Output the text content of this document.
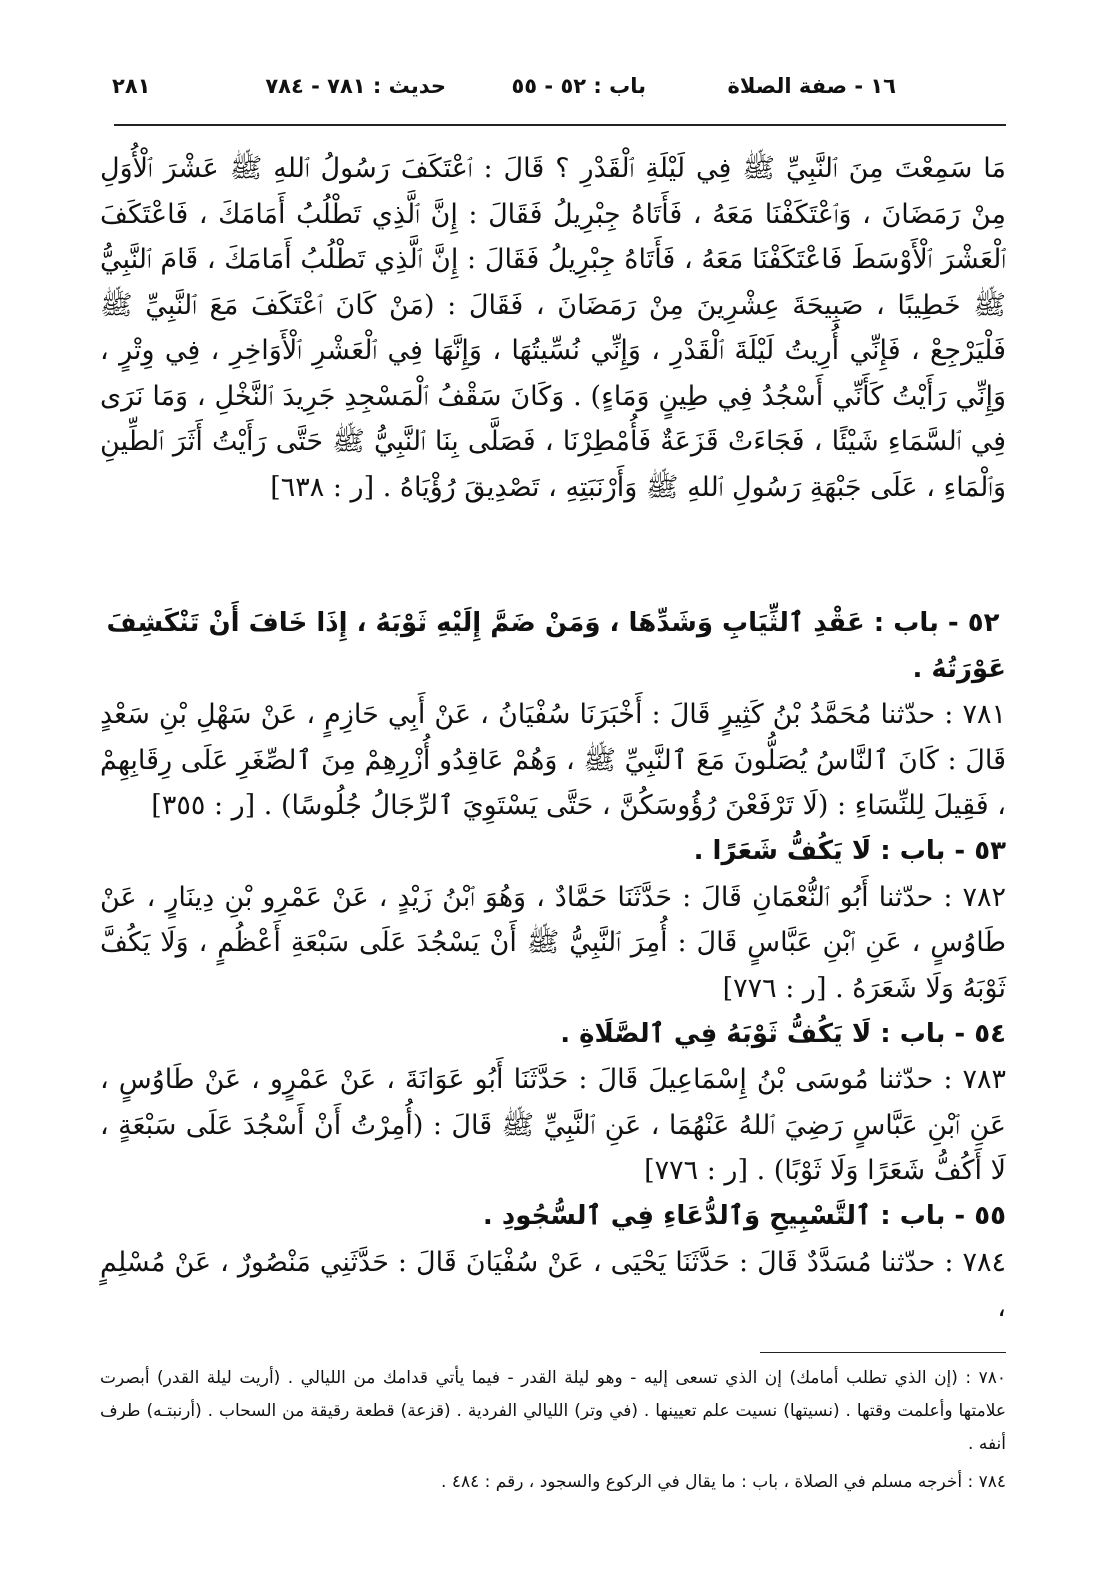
١٦ - صفة الصلاة
باب : ٥٢ - ٥٥
حديث : ٧٨١ - ٧٨٤
٢٨١

مَا سَمِعْتَ مِنَ ٱلنَّبِيِّ ﷺ فِي لَيْلَةِ ٱلْقَدْرِ ؟ قَالَ : ٱعْتَكَفَ رَسُولُ ٱللهِ ﷺ عَشْرَ ٱلْأُوَلِ مِنْ رَمَضَانَ ، وَٱعْتَكَفْنَا مَعَهُ ، فَأَتَاهُ جِبْرِيلُ فَقَالَ : إِنَّ ٱلَّذِي تَطْلُبُ أَمَامَكَ ، فَاعْتَكَفَ ٱلْعَشْرَ ٱلْأَوْسَطَ فَاعْتَكَفْنَا مَعَهُ ، فَأَتَاهُ جِبْرِيلُ فَقَالَ : إِنَّ ٱلَّذِي تَطْلُبُ أَمَامَكَ ، قَامَ ٱلنَّبِيُّ ﷺ خَطِيبًا ، صَبِيحَةَ عِشْرِينَ مِنْ رَمَضَانَ ، فَقَالَ : (مَنْ كَانَ ٱعْتَكَفَ مَعَ ٱلنَّبِيِّ ﷺ فَلْيَرْجِعْ ، فَإِنِّي أُرِيتُ لَيْلَةَ ٱلْقَدْرِ ، وَإِنِّي نُسِّيتُهَا ، وَإِنَّهَا فِي ٱلْعَشْرِ ٱلْأَوَاخِرِ ، فِي وِتْرٍ ، وَإِنِّي رَأَيْتُ كَأَنِّي أَسْجُدُ فِي طِينٍ وَمَاءٍ) . وَكَانَ سَقْفُ ٱلْمَسْجِدِ جَرِيدَ ٱلنَّخْلِ ، وَمَا نَرَى فِي ٱلسَّمَاءِ شَيْئًا ، فَجَاءَتْ قَزَعَةٌ فَأُمْطِرْنَا ، فَصَلَّى بِنَا ٱلنَّبِيُّ ﷺ حَتَّى رَأَيْتُ أَثَرَ ٱلطِّينِ وَٱلْمَاءِ ، عَلَى جَبْهَةِ رَسُولِ ٱللهِ ﷺ وَأَرْنَبَتِهِ ، تَصْدِيقَ رُؤْيَاهُ . [ر : ٦٣٨]

٥٢ - باب : عَقْدِ ٱلثِّيَابِ وَشَدِّهَا ، وَمَنْ ضَمَّ إِلَيْهِ ثَوْبَهُ ، إِذَا خَافَ أَنْ تَنْكَشِفَ عَوْرَتُهُ .

٧٨١ : حدّثنا مُحَمَّدُ بْنُ كَثِيرٍ قَالَ : أَخْبَرَنَا سُفْيَانُ ، عَنْ أَبِي حَازِمٍ ، عَنْ سَهْلِ بْنِ سَعْدٍ قَالَ : كَانَ ٱلنَّاسُ يُصَلُّونَ مَعَ ٱلنَّبِيِّ ﷺ ، وَهُمْ عَاقِدُو أُزْرِهِمْ مِنَ ٱلصِّغَرِ عَلَى رِقَابِهِمْ ، فَقِيلَ لِلنِّسَاءِ : (لَا تَرْفَعْنَ رُؤُوسَكُنَّ ، حَتَّى يَسْتَوِيَ ٱلرِّجَالُ جُلُوسًا) . [ر : ٣٥٥]

٥٣ - باب : لَا يَكُفُّ شَعَرًا .

٧٨٢ : حدّثنا أَبُو ٱلنُّعْمَانِ قَالَ : حَدَّثَنَا حَمَّادٌ ، وَهُوَ ٱبْنُ زَيْدٍ ، عَنْ عَمْرِو بْنِ دِينَارٍ ، عَنْ طَاوُسٍ ، عَنِ ٱبْنِ عَبَّاسٍ قَالَ : أُمِرَ ٱلنَّبِيُّ ﷺ أَنْ يَسْجُدَ عَلَى سَبْعَةِ أَعْظُمٍ ، وَلَا يَكُفَّ ثَوْبَهُ وَلَا شَعَرَهُ . [ر : ٧٧٦]

٥٤ - باب : لَا يَكُفُّ ثَوْبَهُ فِي ٱلصَّلَاةِ .

٧٨٣ : حدّثنا مُوسَى بْنُ إِسْمَاعِيلَ قَالَ : حَدَّثَنَا أَبُو عَوَانَةَ ، عَنْ عَمْرٍو ، عَنْ طَاوُسٍ ، عَنِ ٱبْنِ عَبَّاسٍ رَضِيَ ٱللهُ عَنْهُمَا ، عَنِ ٱلنَّبِيِّ ﷺ قَالَ : (أُمِرْتُ أَنْ أَسْجُدَ عَلَى سَبْعَةٍ ، لَا أَكُفُّ شَعَرًا وَلَا ثَوْبًا) . [ر : ٧٧٦]

٥٥ - باب : ٱلتَّسْبِيحِ وَٱلدُّعَاءِ فِي ٱلسُّجُودِ .

٧٨٤ : حدّثنا مُسَدَّدٌ قَالَ : حَدَّثَنَا يَحْيَى ، عَنْ سُفْيَانَ قَالَ : حَدَّثَنِي مَنْصُورٌ ، عَنْ مُسْلِمٍ ،

٧٨٠ : (إن الذي تطلب أمامك) إن الذي تسعى إليه - وهو ليلة القدر - فيما يأتي قدامك من الليالي . (أريت ليلة القدر) أبصرت علامتها وأعلمت وقتها . (نسيتها) نسيت علم تعيينها . (في وتر) الليالي الفردية . (قزعة) قطعة رقيقة من السحاب . (أرنبتـه) طرف أنفه .
٧٨٤ : أخرجه مسلم في الصلاة ، باب : ما يقال في الركوع والسجود ، رقم : ٤٨٤ .
